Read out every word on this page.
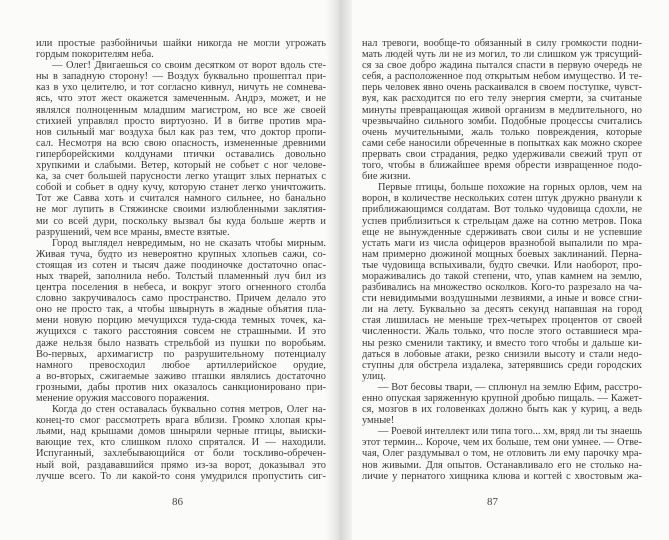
или простые разбойничьи шайки никогда не могли угрожать
гордым покорителям неба.
— Олег! Двигаешься со своим десятком от ворот вдоль сте-
ны в западную сторону! — Воздух буквально прошептал при-
каз в ухо целителю, и тот согласно кивнул, ничуть не сомнева-
ясь, что этот жест окажется замеченным. Андрэ, может, и не
являлся полноценным младшим магистром, но все же своей
стихией управлял просто виртуозно. И в битве против мра-
нов сильный маг воздуха был как раз тем, что доктор пропи-
сал. Несмотря на всю свою опасность, измененные древними
гиперборейскими колдунами птички оставались довольно
хрупкими и слабыми. Ветер, который не собьет с ног челове-
ка, за счет большей парусности легко утащит злых пернатых с
собой и собьет в одну кучу, которую станет легко уничтожить.
Тот же Савва хоть и считался намного сильнее, но банально
не мог лупить в Стяжинске своими излюбленными заклятия-
ми со всей дури, поскольку вызвал бы куда больше жертв и
разрушений, чем все мраны, вместе взятые.
Город выглядел невредимым, но не сказать чтобы мирным.
Живая туча, будто из невероятно крупных хлопьев сажи, со-
стоящая из сотен и тысяч даже поодиночке достаточно опас-
ных тварей, заполнила небо. Толстый пламенный луч бил из
центра поселения в небеса, и вокруг этого огненного столба
словно закручивалось само пространство. Причем делало это
оно не просто так, а чтобы швырнуть в жадные объятия пла-
мени новую порцию мечущихся туда-сюда темных точек, ка-
жущихся с такого расстояния совсем не страшными. И это
даже нельзя было назвать стрельбой из пушки по воробьям.
Во-первых, архимагистр по разрушительному потенциалу
намного превосходил любое артиллерийское орудие,
а во-вторых, сжигаемые заживо пташки являлись достаточно
грозными, дабы против них оказалось санкционировано при-
менение оружия массового поражения.
Когда до стен оставалась буквально сотня метров, Олег на-
конец-то смог рассмотреть врага вблизи. Громко хлопая кры-
льями, над крышами домов шныряли черные птицы, выиски-
вающие тех, кто слишком плохо спрятался. И — находили.
Испуганный, захлебывающийся от боли тоскливо-обречен-
ный вой, раздававшийся прямо из-за ворот, доказывал это
лучше всего. То ли какой-то соня умудрился пропустить сиг-
нал тревоги, вообще-то обязанный в силу громкости подни-
мать людей чуть ли не из могил, то ли слишком уж трясущий-
ся за свое добро жадина пытался спасти в первую очередь не
себя, а расположенное под открытым небом имущество. И те-
перь человек явно очень раскаивался в своем поступке, чувст-
вуя, как расходится по его телу энергия смерти, за считаные
минуты превращающая живой организм в медлительного, но
чрезвычайно сильного зомби. Подобные процессы считались
очень мучительными, жаль только повреждения, которые
сами себе наносили обреченные в попытках как можно скорее
прервать свои страдания, редко удерживали свежий труп от
того, чтобы в ближайшее время обрести извращенное подо-
бие жизни.
Первые птицы, больше похожие на горных орлов, чем на
ворон, в количестве нескольких сотен штук дружно рванули к
приближающимся солдатам. Вот только чудовища сдохли, не
успев приблизиться к стрельцам даже на сотню метров. Пока
еще не вынужденные сдерживать свои силы и не успевшие
устать маги из числа офицеров вразнобой выпалили по мра-
нам примерно дюжиной мощных боевых заклинаний. Перна-
тые чудовища вспыхивали, будто свечки. Или наоборот, про-
мораживались до такой степени, что, упав камнем на землю,
разбивались на множество осколков. Кого-то разрезало на ча-
сти невидимыми воздушными лезвиями, а иные и вовсе сгни-
ли на лету. Буквально за десять секунд напавшая на город
стая лишилась не меньше трех-четырех процентов от своей
численности. Жаль только, что после этого оставшиеся мра-
ны резко сменили тактику, и вместо того чтобы и дальше ки-
даться в лобовые атаки, резко снизили высоту и стали недо-
ступны для обстрела издалека, затерявшись среди городских
улиц.
— Вот бесовы твари, — сплюнул на землю Ефим, расстро-
енно опуская заряженную крупной дробью пищаль. — Кажет-
ся, мозгов в их головенках должно быть как у куриц, а ведь
умные!
— Роевой интеллект или типа того... хм, вряд ли ты знаешь
этот термин... Короче, чем их больше, тем они умнее. — Отве-
чая, Олег раздумывал о том, не отловить ли ему парочку мра-
нов живыми. Для опытов. Останавливало его не столько на-
личие у пернатого хищника клюва и когтей с хвостовым жа-
86	87
